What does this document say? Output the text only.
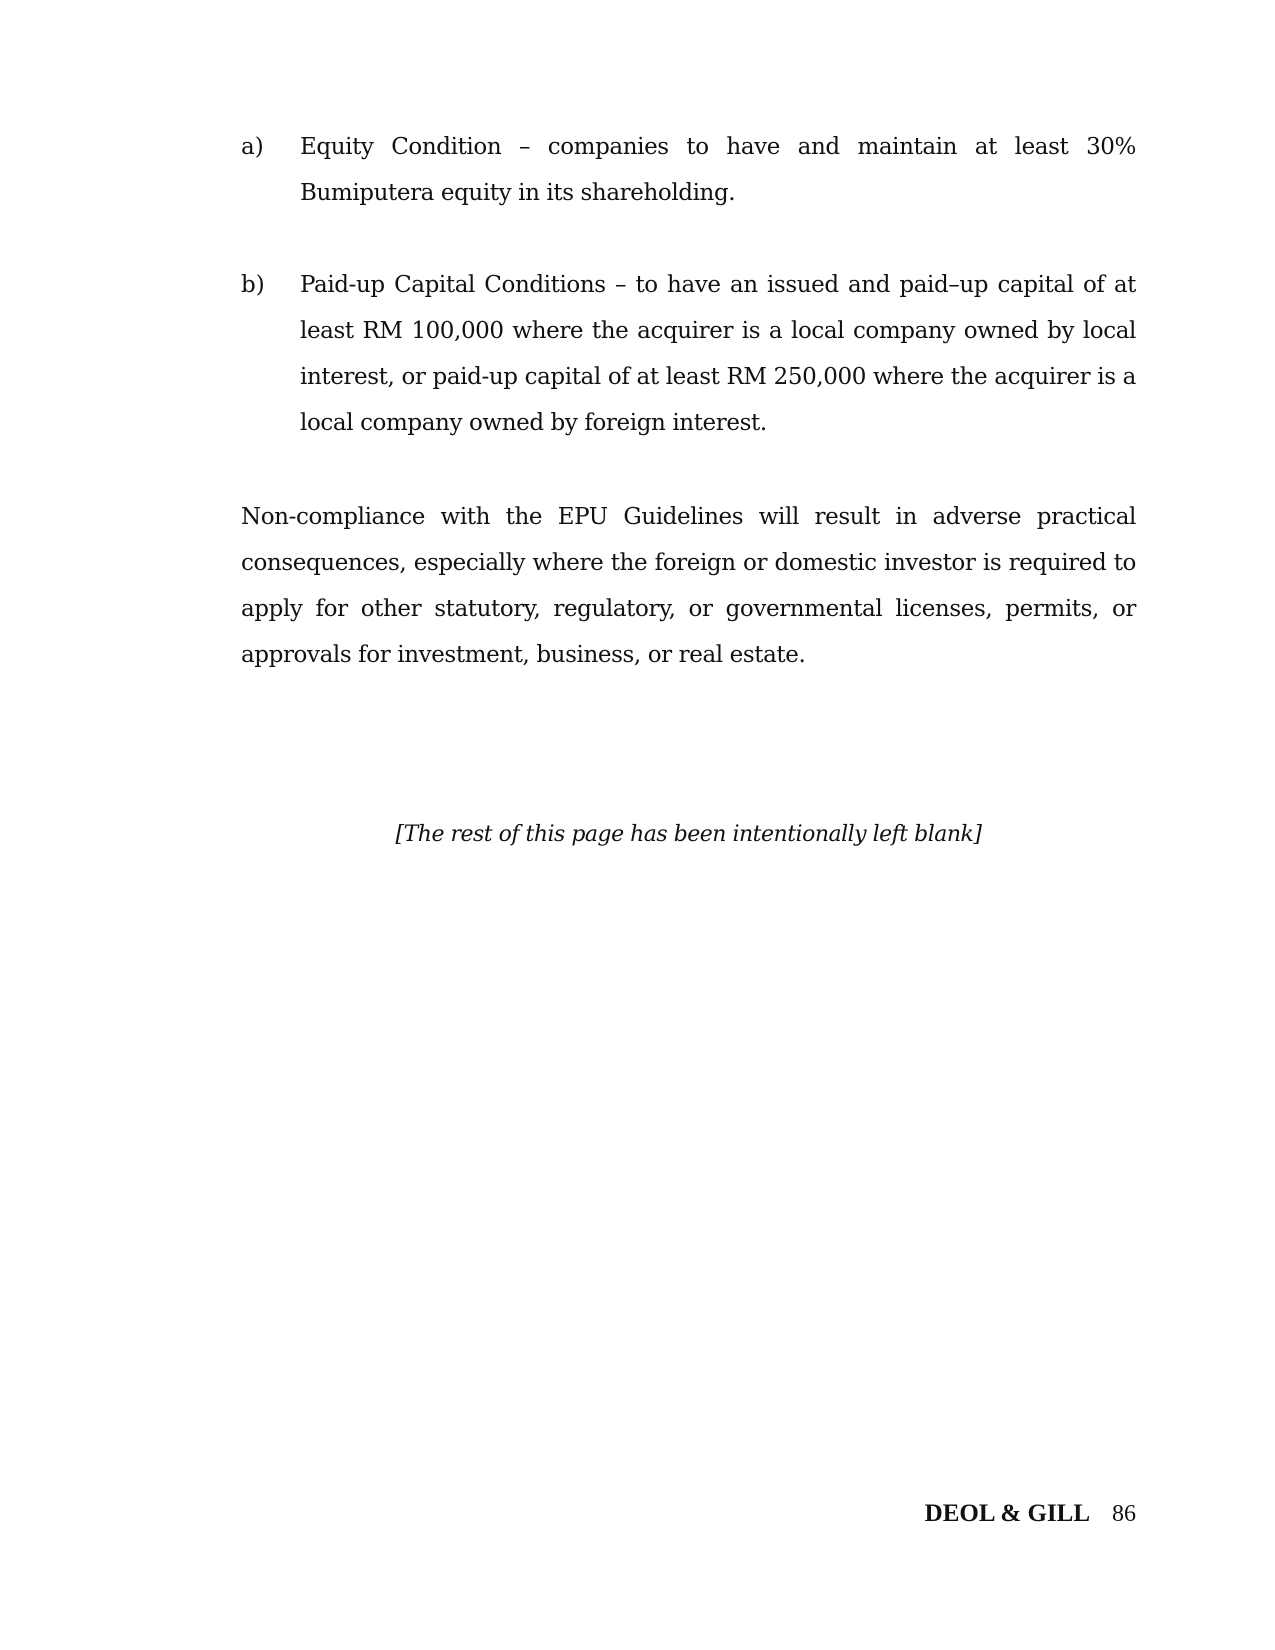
a)	Equity Condition – companies to have and maintain at least 30% Bumiputera equity in its shareholding.
b)	Paid-up Capital Conditions – to have an issued and paid–up capital of at least RM 100,000 where the acquirer is a local company owned by local interest, or paid-up capital of at least RM 250,000 where the acquirer is a local company owned by foreign interest.

Non-compliance with the EPU Guidelines will result in adverse practical consequences, especially where the foreign or domestic investor is required to apply for other statutory, regulatory, or governmental licenses, permits, or approvals for investment, business, or real estate.

[The rest of this page has been intentionally left blank]

DEOL & GILL 86
